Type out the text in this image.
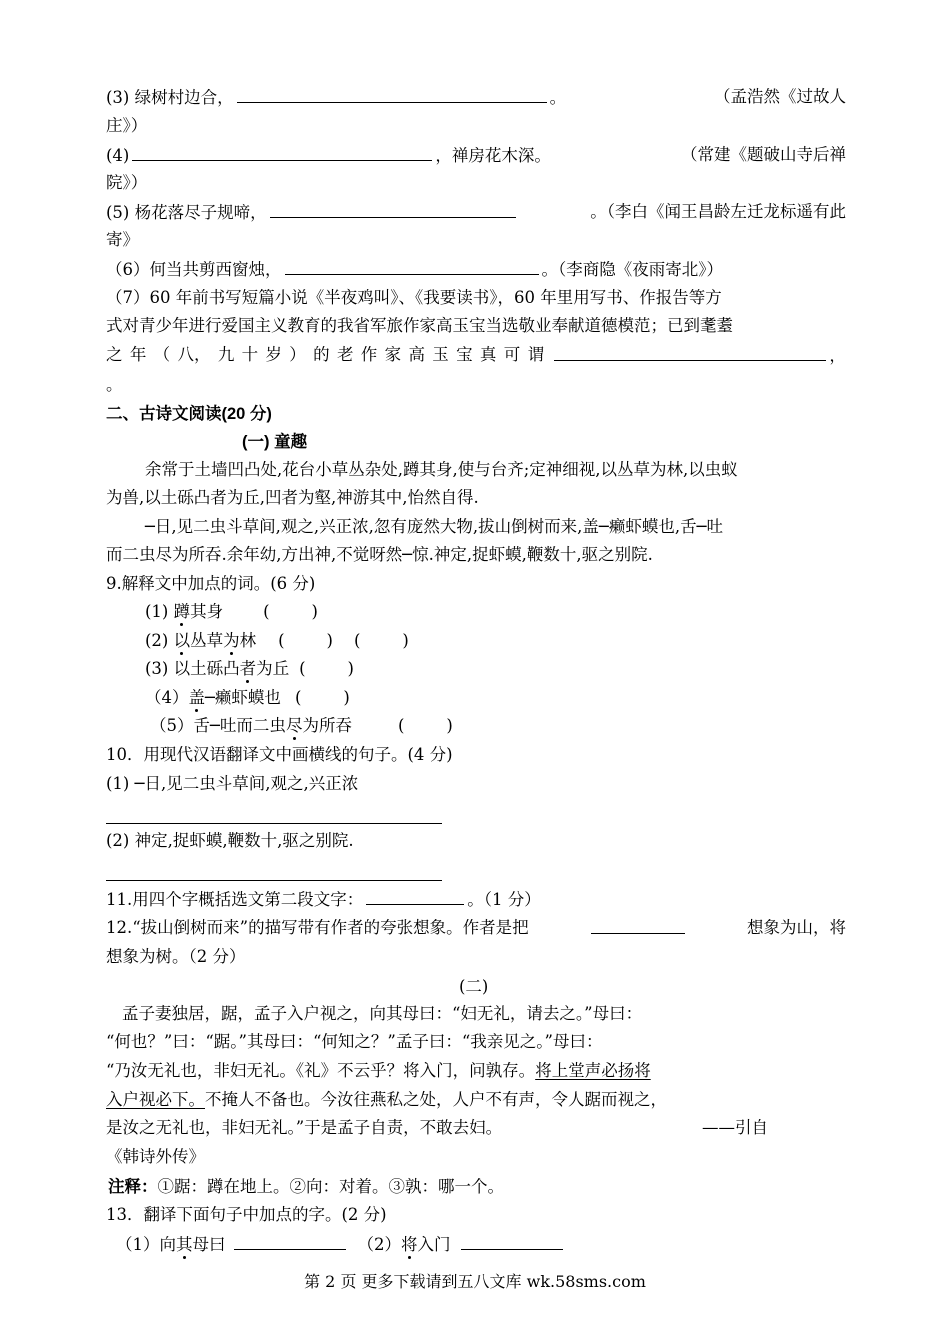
(3) 绿树村边合，	。	（孟浩然《过故人
庄》）
(4)	，禅房花木深。	（常建《题破山寺后禅
院》）
(5) 杨花落尽子规啼，	。（李白《闻王昌龄左迁龙标遥有此
寄》
（6）何当共剪西窗烛，	。（李商隐《夜雨寄北》）
（7）60 年前书写短篇小说《半夜鸡叫》、《我要读书》，60 年里用写书、作报告等方
式对青少年进行爱国主义教育的我省军旅作家高玉宝当选敬业奉献道德模范；已到耄耋
之 年 （ 八， 九 十 岁 ） 的 老 作 家 高 玉 宝 真 可 谓	，
。
二、古诗文阅读(20 分)
(一) 童趣
余常于土墙凹凸处,花台小草丛杂处,蹲其身,使与台齐;定神细视,以丛草为林,以虫蚁
为兽,以土砾凸者为丘,凹者为壑,神游其中,怡然自得.
─日,见二虫斗草间,观之,兴正浓,忽有庞然大物,拔山倒树而来,盖─癞虾蟆也,舌─吐
而二虫尽为所吞.余年幼,方出神,不觉呀然─惊.神定,捉虾蟆,鞭数十,驱之别院.
9.解释文中加点的词。(6 分)
(1) 蹲其身 (        )
(2) 以丛草为林 (        )    (        )
(3) 以土砾凸者为丘 (        )
（4）盖─癞虾蟆也 (        )
（5）舌─吐而二虫尽为所吞	(        )
10．用现代汉语翻译文中画横线的句子。(4 分)
(1) ─日,见二虫斗草间,观之,兴正浓
(2) 神定,捉虾蟆,鞭数十,驱之别院.
11.用四个字概括选文第二段文字：	。（1 分）
12.“拔山倒树而来”的描写带有作者的夸张想象。作者是把	想象为山，将
想象为树。（2 分）
(二)
孟子妻独居，踞，孟子入户视之，向其母曰：“妇无礼，请去之。”母曰：
“何也？”曰：“踞。”其母曰：“何知之？”孟子曰：“我亲见之。”母曰：
“乃汝无礼也，非妇无礼。《礼》不云乎？将入门，问孰存。将上堂声必扬将
入户视必下。不掩人不备也。今汝往燕私之处，人户不有声，令人踞而视之，
是汝之无礼也，非妇无礼。”于是孟子自责，不敢去妇。	——引自
《韩诗外传》
注释：①踞：蹲在地上。②向：对着。③孰：哪一个。
13．翻译下面句子中加点的字。(2 分)
（1）向其母曰	（2）将入门
第 2 页 更多下载请到五八文库 wk.58sms.com
